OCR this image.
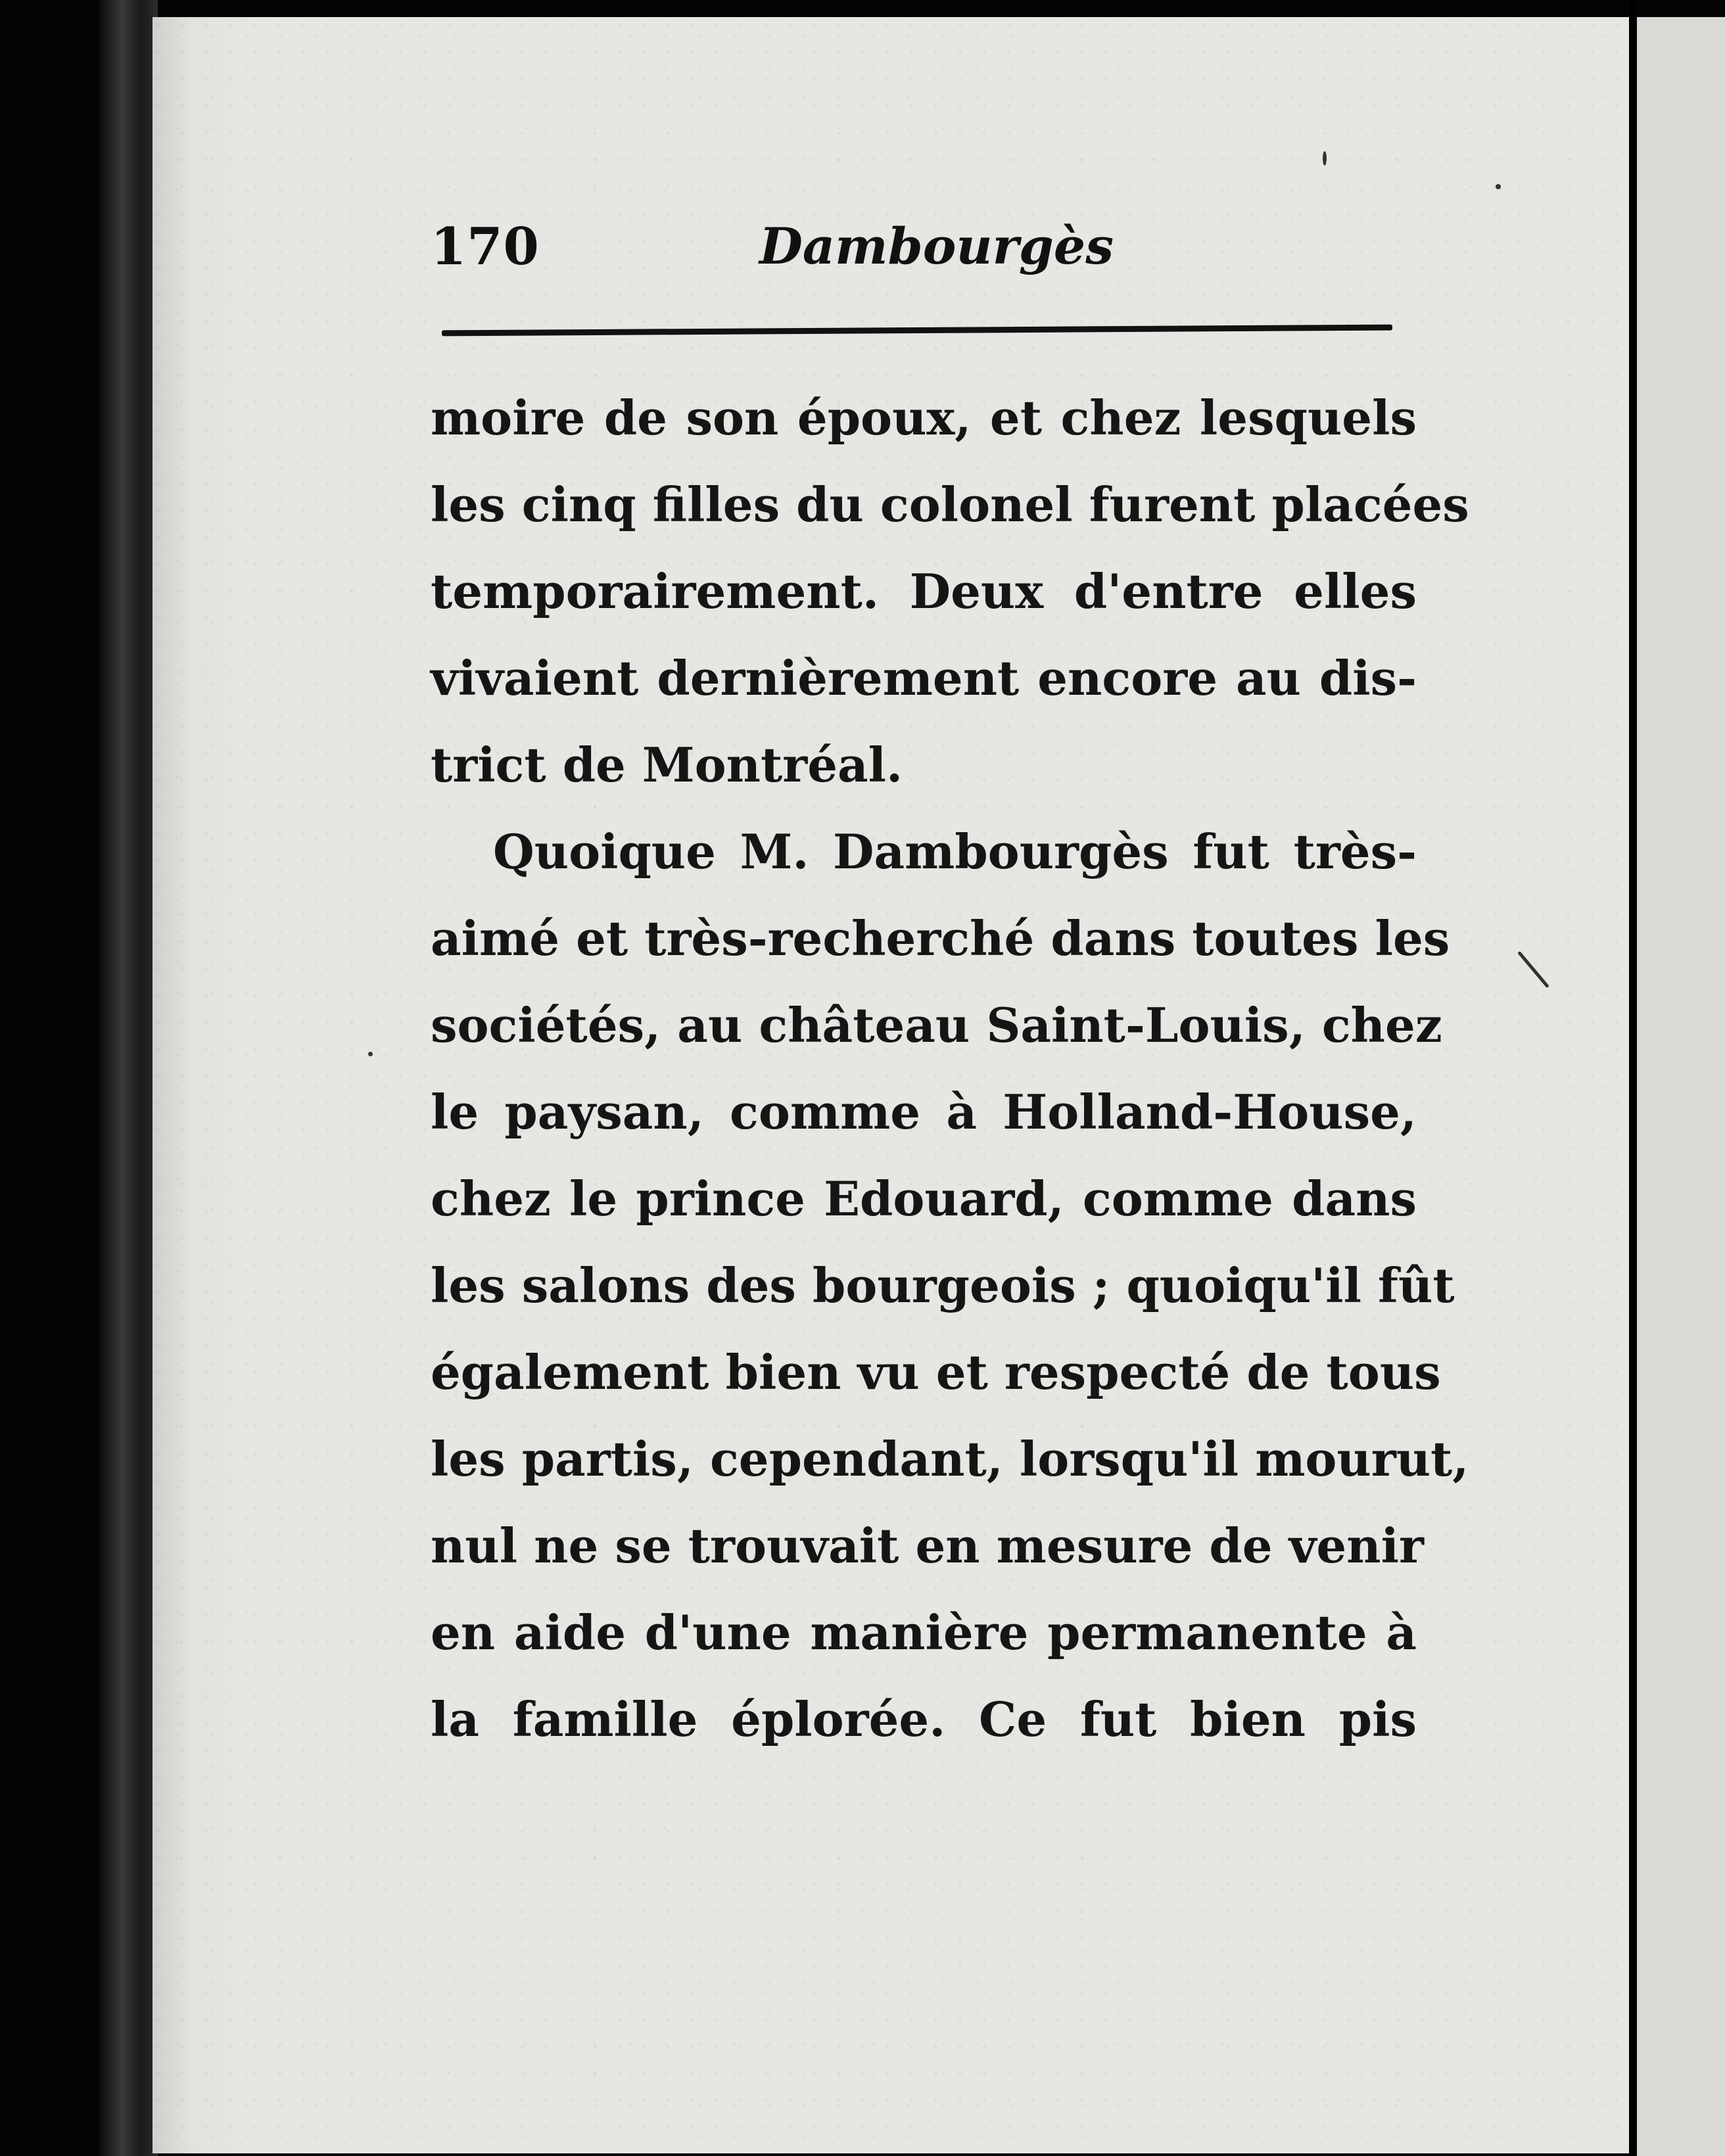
170	Dambourgès
moire de son époux, et chez lesquels
les cinq filles du colonel furent placées
temporairement. Deux d'entre elles
vivaient dernièrement encore au dis-
trict de Montréal.
Quoique M. Dambourgès fut très-
aimé et très-recherché dans toutes les
sociétés, au château Saint-Louis, chez
le paysan, comme à Holland-House,
chez le prince Edouard, comme dans
les salons des bourgeois ; quoiqu'il fût
également bien vu et respecté de tous
les partis, cependant, lorsqu'il mourut,
nul ne se trouvait en mesure de venir
en aide d'une manière permanente à
la famille éplorée. Ce fut bien pis
